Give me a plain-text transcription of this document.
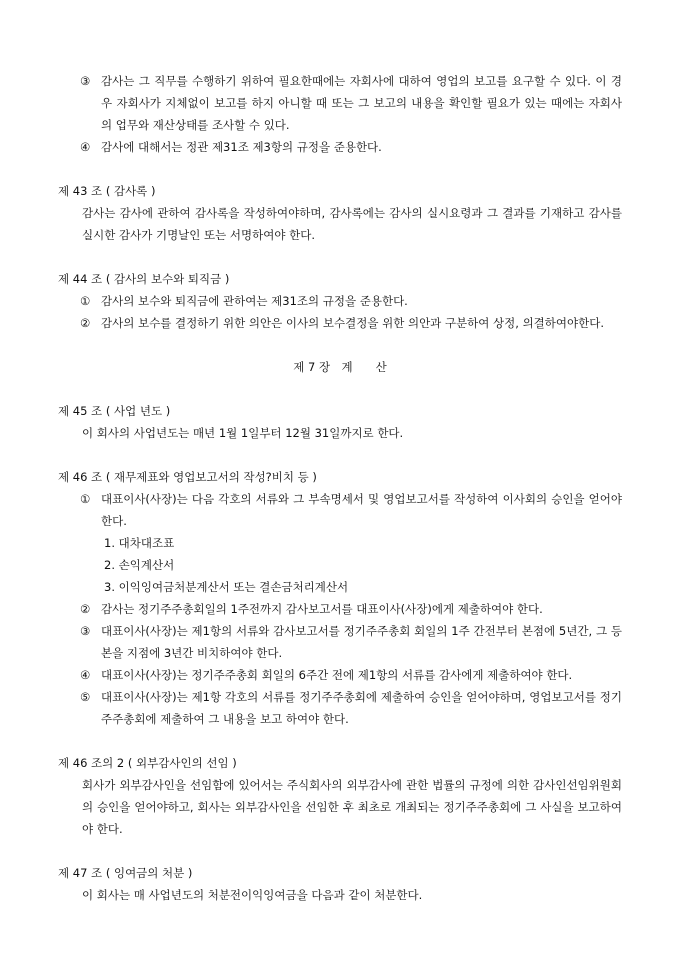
③ 감사는 그 직무를 수행하기 위하여 필요한때에는 자회사에 대하여 영업의 보고를 요구할 수 있다. 이 경우 자회사가 지체없이 보고를 하지 아니할 때 또는 그 보고의 내용을 확인할 필요가 있는 때에는 자회사의 업무와 재산상태를 조사할 수 있다.
④ 감사에 대해서는 정관 제31조 제3항의 규정을 준용한다.

제 43 조 ( 감사록 )

감사는 감사에 관하여 감사록을 작성하여야하며, 감사록에는 감사의 실시요령과 그 결과를 기재하고 감사를 실시한 감사가 기명날인 또는 서명하여야 한다.

제 44 조 ( 감사의 보수와 퇴직금 )

① 감사의 보수와 퇴직금에 관하여는 제31조의 규정을 준용한다.
② 감사의 보수를 결정하기 위한 의안은 이사의 보수결정을 위한 의안과 구분하여 상정, 의결하여야한다.

제 7 장　계　　산

제 45 조 ( 사업 년도 )

이 회사의 사업년도는 매년 1월 1일부터 12월 31일까지로 한다.

제 46 조 ( 재무제표와 영업보고서의 작성?비치 등 )

① 대표이사(사장)는 다음 각호의 서류와 그 부속명세서 및 영업보고서를 작성하여 이사회의 승인을 얻어야 한다.

1. 대차대조표

2. 손익계산서

3. 이익잉여금처분계산서 또는 결손금처리계산서

② 감사는 정기주주총회일의 1주전까지 감사보고서를 대표이사(사장)에게 제출하여야 한다.
③ 대표이사(사장)는 제1항의 서류와 감사보고서를 정기주주총회 회일의 1주 간전부터 본점에 5년간, 그 등본을 지점에 3년간 비치하여야 한다.
④ 대표이사(사장)는 정기주주총회 회일의 6주간 전에 제1항의 서류를 감사에게 제출하여야 한다.
⑤ 대표이사(사장)는 제1항 각호의 서류를 정기주주총회에 제출하여 승인을 얻어야하며, 영업보고서를 정기주주총회에 제출하여 그 내용을 보고 하여야 한다.

제 46 조의 2 ( 외부감사인의 선임 )

회사가 외부감사인을 선임함에 있어서는 주식회사의 외부감사에 관한 법률의 규정에 의한 감사인선임위원회의 승인을 얻어야하고, 회사는 외부감사인을 선임한 후 최초로 개최되는 정기주주총회에 그 사실을 보고하여야 한다.

제 47 조 ( 잉여금의 처분 )

이 회사는 매 사업년도의 처분전이익잉여금을 다음과 같이 처분한다.
